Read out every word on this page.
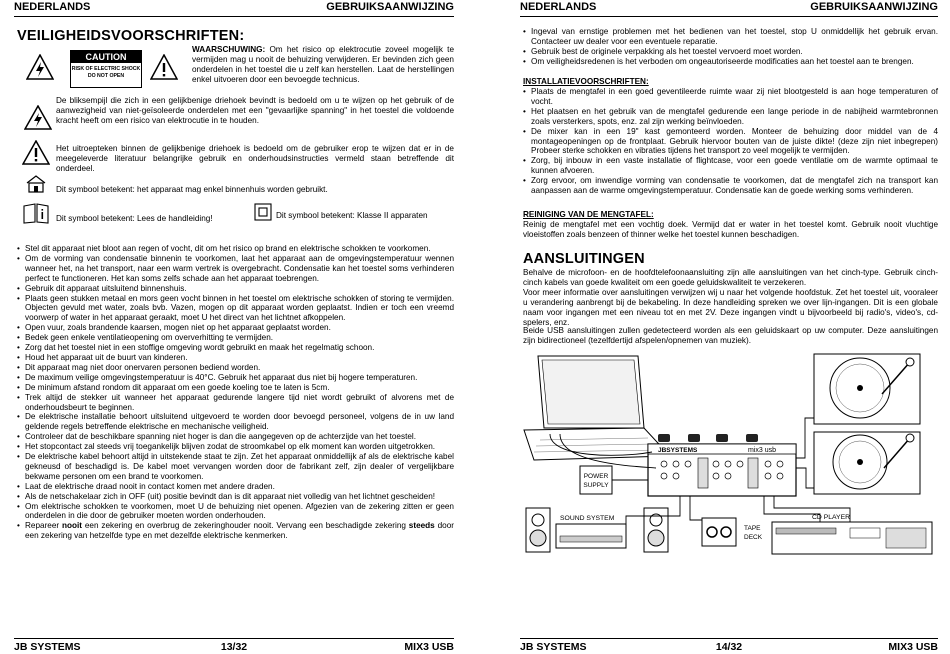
NEDERLANDS	GEBRUIKSAANWIJZING
VEILIGHEIDSVOORSCHRIFTEN:
CAUTION
RISK OF ELECTRIC SHOCK
DO NOT OPEN
WAARSCHUWING: Om het risico op elektrocutie zoveel mogelijk te vermijden mag u nooit de behuizing verwijderen. Er bevinden zich geen onderdelen in het toestel die u zelf kan herstellen. Laat de herstellingen enkel uitvoeren door een bevoegde technicus.
De bliksempijl die zich in een gelijkbenige driehoek bevindt is bedoeld om u te wijzen op het gebruik of de aanwezigheid van niet-geïsoleerde onderdelen met een "gevaarlijke spanning" in het toestel die voldoende kracht heeft om een risico van elektrocutie in te houden.
Het uitroepteken binnen de gelijkbenige driehoek is bedoeld om de gebruiker erop te wijzen dat er in de meegeleverde literatuur belangrijke gebruik en onderhoudsinstructies vermeld staan betreffende dit onderdeel.
Dit symbool betekent: het apparaat mag enkel binnenhuis worden gebruikt.
Dit symbool betekent: Lees de handleiding!	Dit symbool betekent: Klasse II apparaten
• Stel dit apparaat niet bloot aan regen of vocht, dit om het risico op brand en elektrische schokken te voorkomen.
• Om de vorming van condensatie binnenin te voorkomen, laat het apparaat aan de omgevingstemperatuur wennen wanneer het, na het transport, naar een warm vertrek is overgebracht. Condensatie kan het toestel soms verhinderen perfect te functioneren. Het kan soms zelfs schade aan het apparaat toebrengen.
• Gebruik dit apparaat uitsluitend binnenshuis.
• Plaats geen stukken metaal en mors geen vocht binnen in het toestel om elektrische schokken of storing te vermijden. Objecten gevuld met water, zoals bvb. Vazen, mogen op dit apparaat worden geplaatst. Indien er toch een vreemd voorwerp of water in het apparaat geraakt, moet U het direct van het lichtnet afkoppelen.
• Open vuur, zoals brandende kaarsen, mogen niet op het apparaat geplaatst worden.
• Bedek geen enkele ventilatieopening om oververhitting te vermijden.
• Zorg dat het toestel niet in een stoffige omgeving wordt gebruikt en maak het regelmatig schoon.
• Houd het apparaat uit de buurt van kinderen.
• Dit apparaat mag niet door onervaren personen bediend worden.
• De maximum veilige omgevingstemperatuur is 40°C. Gebruik het apparaat dus niet bij hogere temperaturen.
• De minimum afstand rondom dit apparaat om een goede koeling toe te laten is 5cm.
• Trek altijd de stekker uit wanneer het apparaat gedurende langere tijd niet wordt gebruikt of alvorens met de onderhoudsbeurt te beginnen.
• De elektrische installatie behoort uitsluitend uitgevoerd te worden door bevoegd personeel, volgens de in uw land geldende regels betreffende elektrische en mechanische veiligheid.
• Controleer dat de beschikbare spanning niet hoger is dan die aangegeven op de achterzijde van het toestel.
• Het stopcontact zal steeds vrij toegankelijk blijven zodat de stroomkabel op elk moment kan worden uitgetrokken.
• De elektrische kabel behoort altijd in uitstekende staat te zijn. Zet het apparaat onmiddellijk af als de elektrische kabel gekneusd of beschadigd is. De kabel moet vervangen worden door de fabrikant zelf, zijn dealer of vergelijkbare bekwame personen om een brand te voorkomen.
• Laat de elektrische draad nooit in contact komen met andere draden.
• Als de netschakelaar zich in OFF (uit) positie bevindt dan is dit apparaat niet volledig van het lichtnet gescheiden!
• Om elektrische schokken te voorkomen, moet U de behuizing niet openen. Afgezien van de zekering zitten er geen onderdelen in die door de gebruiker moeten worden onderhouden.
• Repareer nooit een zekering en overbrug de zekeringhouder nooit. Vervang een beschadigde zekering steeds door een zekering van hetzelfde type en met dezelfde elektrische kenmerken.
JB SYSTEMS	13/32	MIX3 USB
NEDERLANDS	GEBRUIKSAANWIJZING
• Ingeval van ernstige problemen met het bedienen van het toestel, stop U onmiddellijk het gebruik ervan. Contacteer uw dealer voor een eventuele reparatie.
• Gebruik best de originele verpakking als het toestel vervoerd moet worden.
• Om veiligheidsredenen is het verboden om ongeautoriseerde modificaties aan het toestel aan te brengen.
INSTALLATIEVOORSCHRIFTEN:
• Plaats de mengtafel in een goed geventileerde ruimte waar zij niet blootgesteld is aan hoge temperaturen of vocht.
• Het plaatsen en het gebruik van de mengtafel gedurende een lange periode in de nabijheid warmtebronnen zoals versterkers, spots, enz. zal zijn werking beïnvloeden.
• De mixer kan in een 19" kast gemonteerd worden. Monteer de behuizing door middel van de 4 montageopeningen op de frontplaat. Gebruik hiervoor bouten van de juiste dikte! (deze zijn niet inbegrepen) Probeer sterke schokken en vibraties tijdens het transport zo veel mogelijk te vermijden.
• Zorg, bij inbouw in een vaste installatie of flightcase, voor een goede ventilatie om de warmte optimaal te kunnen afvoeren.
• Zorg ervoor, om inwendige vorming van condensatie te voorkomen, dat de mengtafel zich na transport kan aanpassen aan de warme omgevingstemperatuur. Condensatie kan de goede werking soms verhinderen.
REINIGING VAN DE MENGTAFEL:
Reinig de mengtafel met een vochtig doek. Vermijd dat er water in het toestel komt. Gebruik nooit vluchtige vloeistoffen zoals benzeen of thinner welke het toestel kunnen beschadigen.
AANSLUITINGEN
Behalve de microfoon- en de hoofdtelefoonaansluiting zijn alle aansluitingen van het cinch-type. Gebruik cinch-cinch kabels van goede kwaliteit om een goede geluidskwaliteit te verzekeren.
Voor meer informatie over aansluitingen verwijzen wij u naar het volgende hoofdstuk. Zet het toestel uit, vooraleer u verandering aanbrengt bij de bekabeling. In deze handleiding spreken we over lijn-ingangen. Dit is een globale naam voor ingangen met een niveau tot en met 2V. Deze ingangen vindt u bijvoorbeeld bij radio's, video's, cd-spelers, enz.
Beide USB aansluitingen zullen gedetecteerd worden als een geluidskaart op uw computer. Deze aansluitingen zijn bidirectioneel (tezelfdertijd afspelen/opnemen van muziek).
JBSYSTEMS	mix3 usb
POWER
SUPPLY
SOUND SYSTEM
TAPE
DECK
CD PLAYER
JB SYSTEMS	14/32	MIX3 USB
